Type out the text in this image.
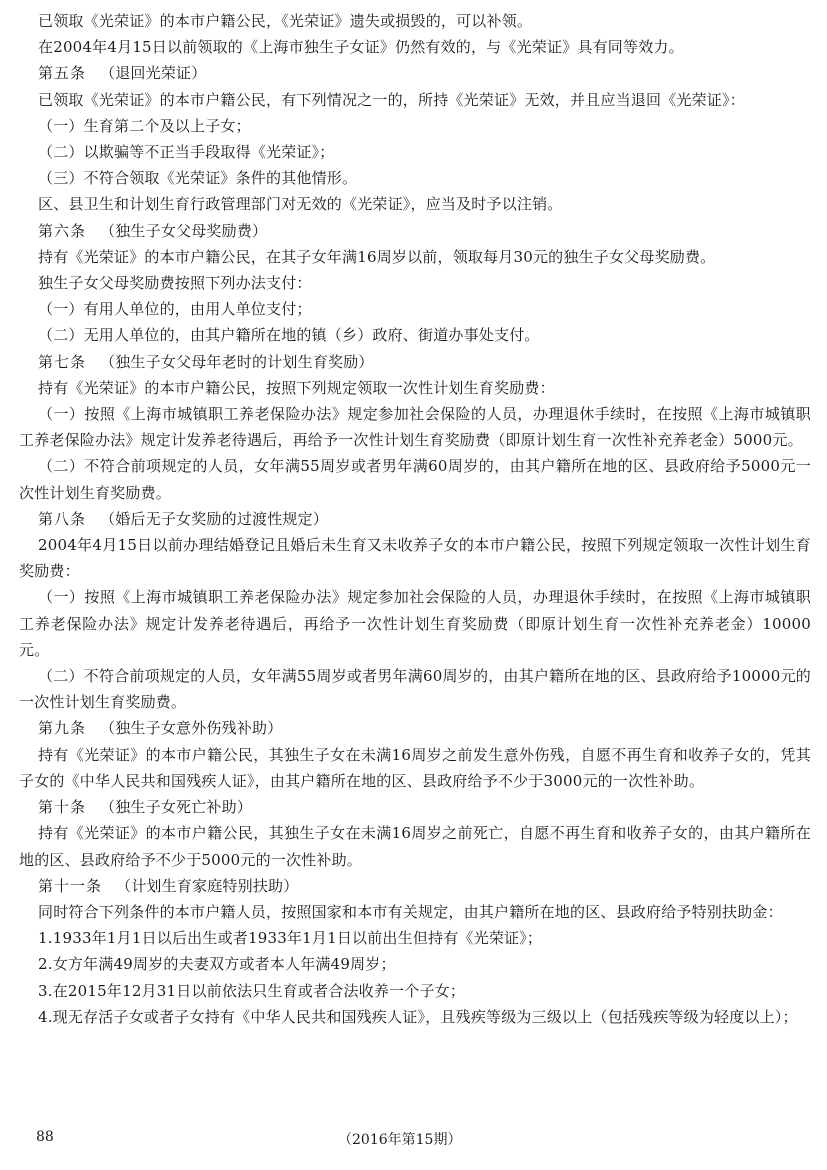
已领取《光荣证》的本市户籍公民，《光荣证》遗失或损毁的，可以补领。

在2004年4月15日以前领取的《上海市独生子女证》仍然有效的，与《光荣证》具有同等效力。

第五条 （退回光荣证）

已领取《光荣证》的本市户籍公民，有下列情况之一的，所持《光荣证》无效，并且应当退回《光荣证》：

（一）生育第二个及以上子女；

（二）以欺骗等不正当手段取得《光荣证》；

（三）不符合领取《光荣证》条件的其他情形。

区、县卫生和计划生育行政管理部门对无效的《光荣证》，应当及时予以注销。

第六条 （独生子女父母奖励费）

持有《光荣证》的本市户籍公民，在其子女年满16周岁以前，领取每月30元的独生子女父母奖励费。

独生子女父母奖励费按照下列办法支付：

（一）有用人单位的，由用人单位支付；

（二）无用人单位的，由其户籍所在地的镇（乡）政府、街道办事处支付。

第七条 （独生子女父母年老时的计划生育奖励）

持有《光荣证》的本市户籍公民，按照下列规定领取一次性计划生育奖励费：

（一）按照《上海市城镇职工养老保险办法》规定参加社会保险的人员，办理退休手续时，在按照《上海市城镇职工养老保险办法》规定计发养老待遇后，再给予一次性计划生育奖励费（即原计划生育一次性补充养老金）5000元。

（二）不符合前项规定的人员，女年满55周岁或者男年满60周岁的，由其户籍所在地的区、县政府给予5000元一次性计划生育奖励费。

第八条 （婚后无子女奖励的过渡性规定）

2004年4月15日以前办理结婚登记且婚后未生育又未收养子女的本市户籍公民，按照下列规定领取一次性计划生育奖励费：

（一）按照《上海市城镇职工养老保险办法》规定参加社会保险的人员，办理退休手续时，在按照《上海市城镇职工养老保险办法》规定计发养老待遇后，再给予一次性计划生育奖励费（即原计划生育一次性补充养老金）10000元。

（二）不符合前项规定的人员，女年满55周岁或者男年满60周岁的，由其户籍所在地的区、县政府给予10000元的一次性计划生育奖励费。

第九条 （独生子女意外伤残补助）

持有《光荣证》的本市户籍公民，其独生子女在未满16周岁之前发生意外伤残，自愿不再生育和收养子女的，凭其子女的《中华人民共和国残疾人证》，由其户籍所在地的区、县政府给予不少于3000元的一次性补助。

第十条 （独生子女死亡补助）

持有《光荣证》的本市户籍公民，其独生子女在未满16周岁之前死亡，自愿不再生育和收养子女的，由其户籍所在地的区、县政府给予不少于5000元的一次性补助。

第十一条 （计划生育家庭特别扶助）

同时符合下列条件的本市户籍人员，按照国家和本市有关规定，由其户籍所在地的区、县政府给予特别扶助金：

1.1933年1月1日以后出生或者1933年1月1日以前出生但持有《光荣证》；

2.女方年满49周岁的夫妻双方或者本人年满49周岁；

3.在2015年12月31日以前依法只生育或者合法收养一个子女；

4.现无存活子女或者子女持有《中华人民共和国残疾人证》，且残疾等级为三级以上（包括残疾等级为轻度以上）；

88	（2016年第15期）
